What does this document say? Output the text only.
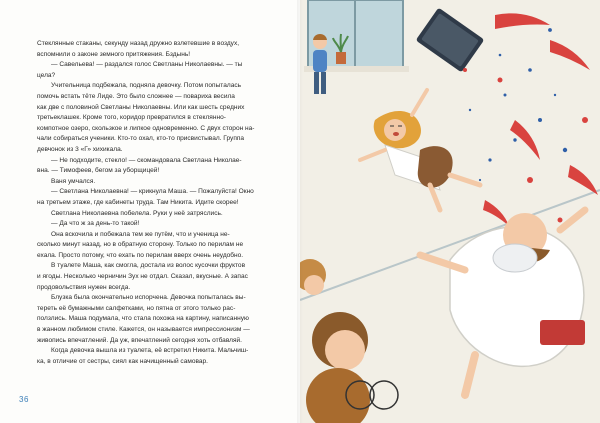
Стеклянные стаканы, секунду назад дружно взлетевшие в воздух,
вспомнили о законе земного притяжения. Бздынь!

— Савельева! — раздался голос Светланы Николаевны. — ты
цела?

Учительница подбежала, подняла девочку. Потом попыталась
помочь встать тёте Лиде. Это было сложнее — повариха весила
как две с половиной Светланы Николаевны. Или как шесть средних
третьеклашек. Кроме того, коридор превратился в стеклянно-
компотное озеро, скользкое и липкое одновременно. С двух сторон на-
чали собираться ученики. Кто-то охал, кто-то присвистывал. Группа
девчонок из 3 «Г» хихикала.

— Не подходите, стекло! — скомандовала Светлана Николае-
вна. — Тимофеев, бегом за уборщицей!

Ваня умчался.

— Светлана Николаевна! — крикнула Маша. — Пожалуйста! Окно
на третьем этаже, где кабинеты труда. Там Никита. Идите скорее!

Светлана Николаевна побелела. Руки у неё затряслись.

— Да что ж за день-то такой!

Она вскочила и побежала тем же путём, что и ученица не-
сколько минут назад, но в обратную сторону. Только по перилам не
ехала. Просто потому, что ехать по перилам вверх очень неудобно.

В туалете Маша, как смогла, достала из волос кусочки фруктов
и ягоды. Несколько черничин Зух не отдал. Сказал, вкусные. А запас
продовольствия нужен всегда.

Блузка была окончательно испорчена. Девочка попыталась вы-
тереть её бумажными салфетками, но пятна от этого только рас-
ползлись. Маша подумала, что стала похожа на картину, написанную
в жанном любимом стиле. Кажется, он называется импрессионизм —
живопись впечатлений. Да уж, впечатлений сегодня хоть отбавляй.

Когда девочка вышла из туалета, её встретил Никита. Мальчиш-
ка, в отличие от сестры, сиял как начищенный самовар.

36
